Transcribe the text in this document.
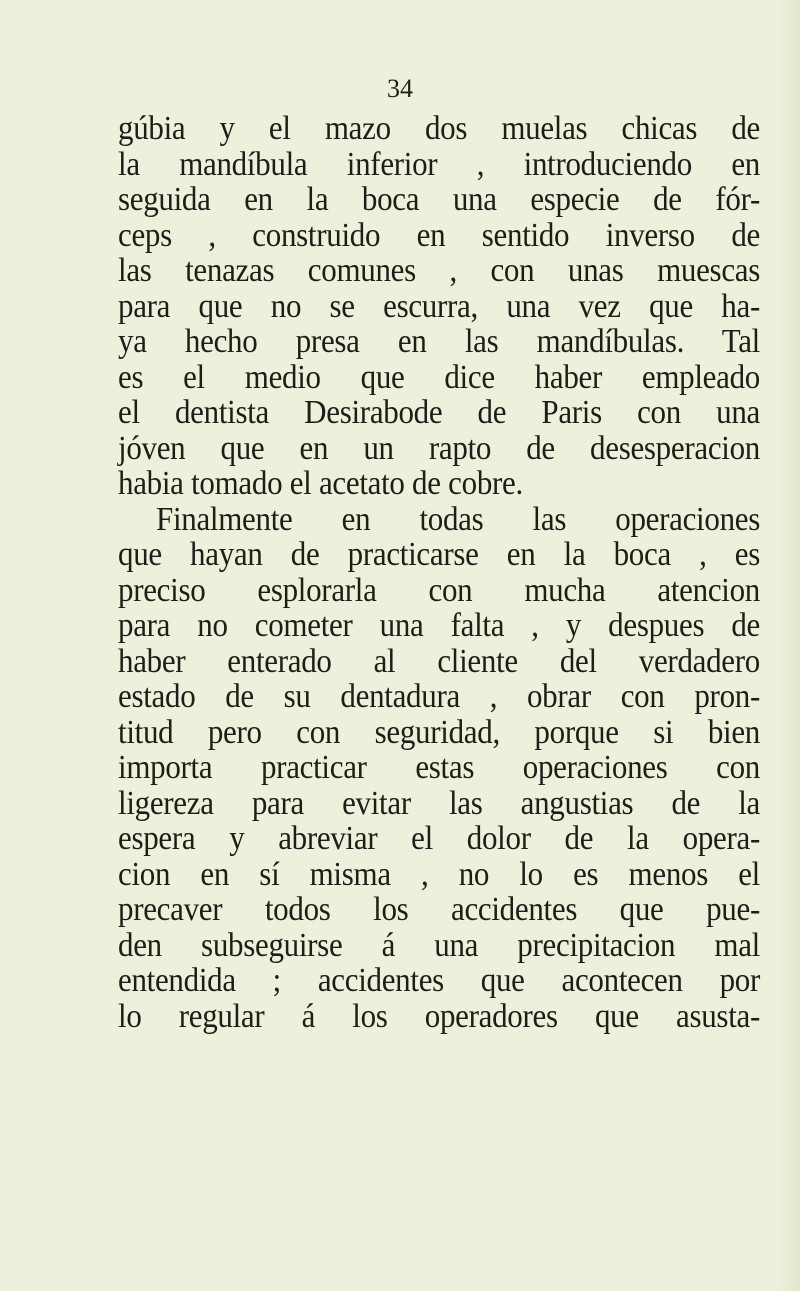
34
gúbia y el mazo dos muelas chicas de
la mandíbula inferior , introduciendo en
seguida en la boca una especie de fór-
ceps , construido en sentido inverso de
las tenazas comunes , con unas muescas
para que no se escurra, una vez que ha-
ya hecho presa en las mandíbulas. Tal
es el medio que dice haber empleado
el dentista Desirabode de Paris con una
jóven que en un rapto de desesperacion
habia tomado el acetato de cobre.
Finalmente en todas las operaciones
que hayan de practicarse en la boca , es
preciso esplorarla con mucha atencion
para no cometer una falta , y despues de
haber enterado al cliente del verdadero
estado de su dentadura , obrar con pron-
titud pero con seguridad, porque si bien
importa practicar estas operaciones con
ligereza para evitar las angustias de la
espera y abreviar el dolor de la opera-
cion en sí misma , no lo es menos el
precaver todos los accidentes que pue-
den subseguirse á una precipitacion mal
entendida ; accidentes que acontecen por
lo regular á los operadores que asusta-
